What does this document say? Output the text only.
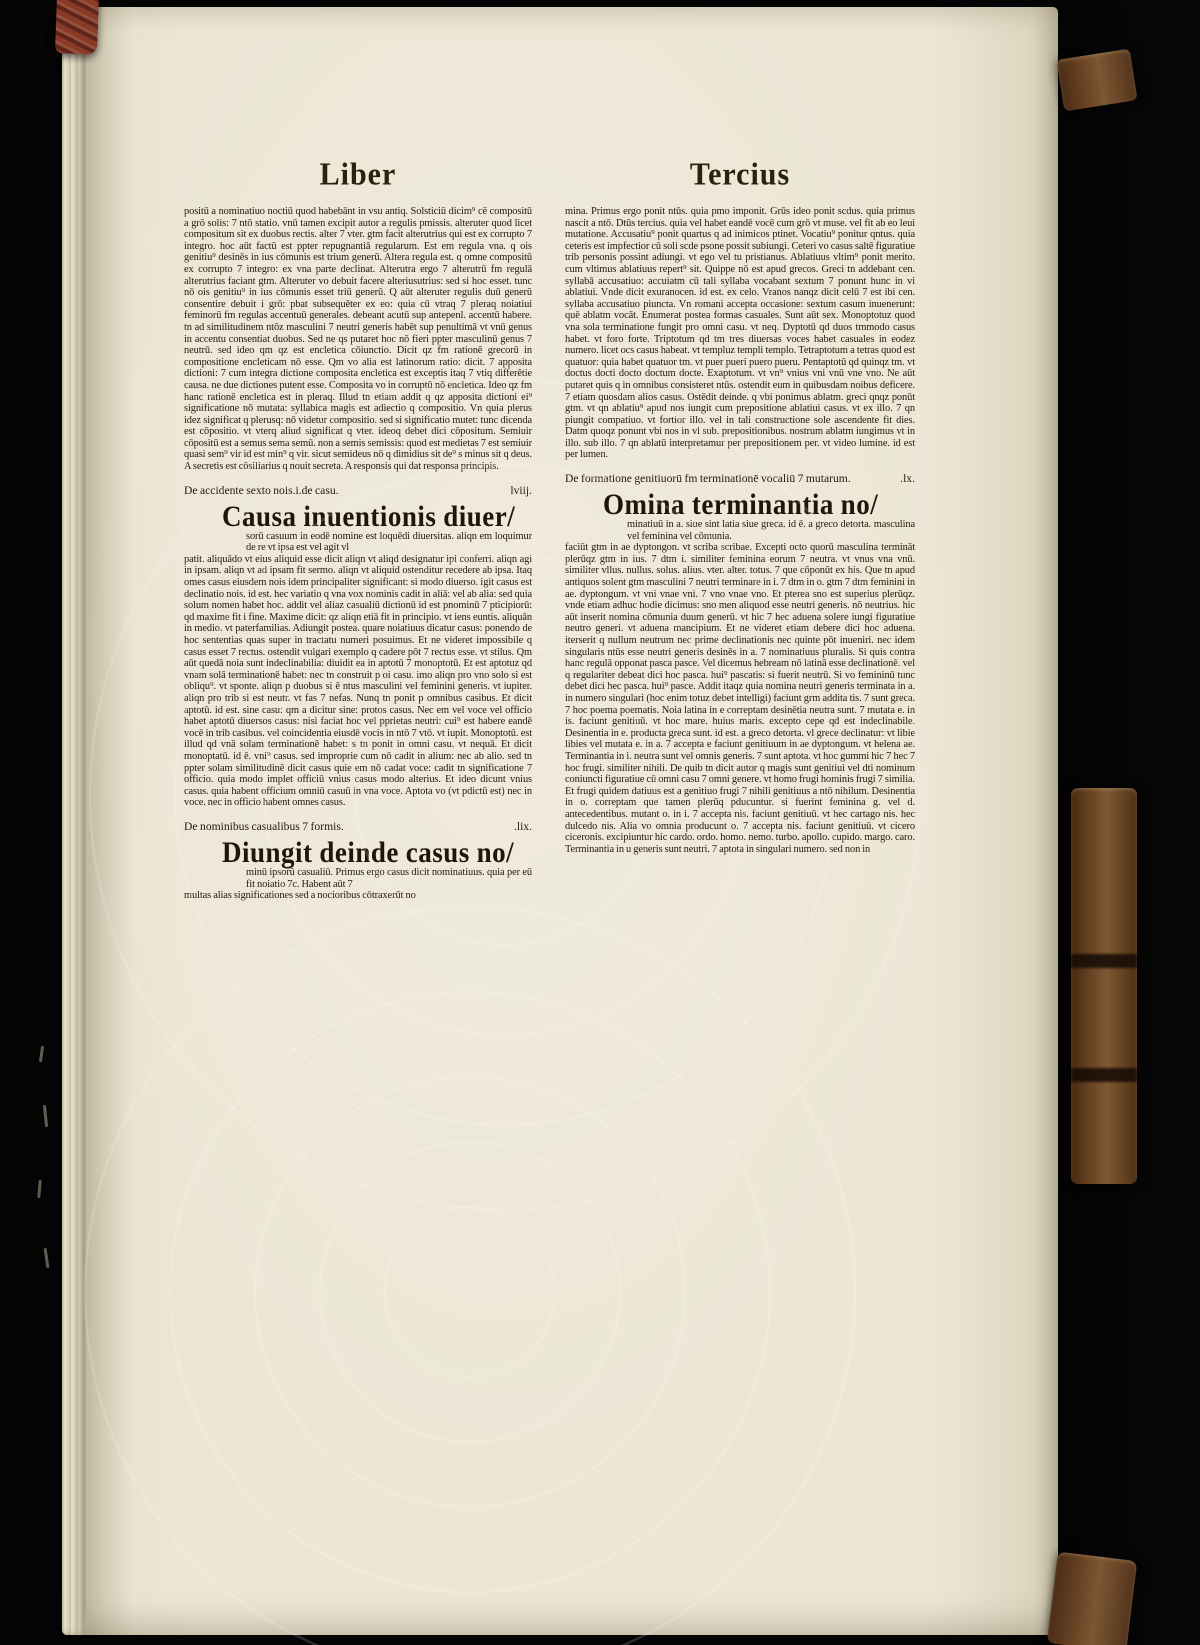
Liber	Tercius
positū a nominatiuo noctiū quod habebānt in vsu antiq. Solsticiū dicim⁹ cē compositū a grō solis: 7 ntō statio. vnū tamen excipit autor a regulis pmissis. alteruter quod licet compositum sit ex duobus rectis. alter 7 vter. gtm facit alterutrius qui est ex corrupto 7 integro. hoc aūt factū est ppter repugnantiā regularum. Est em regula vna. q ois genitiu⁹ desinēs in ius cōmunis est trium generū. Altera regula est. q omne compositū ex corrupto 7 integro: ex vna parte declinat. Alterutra ergo 7 alterutrū fm regulā alterutrius faciant gtm. Alteruter vo debuit facere alteriusutrius: sed si hoc esset. tunc nō ois genitiu⁹ in ius cōmunis esset triū generū. Q aūt alteruter regulis duū generū consentire debuit i grō: pbat subsequēter ex eo: quia cū vtraq 7 pleraq noiatiui feminorū fm regulas accentuū generales. debeant acutū sup antepenl. accentū habere. tn ad similitudinem ntōz masculini 7 neutri generis habēt sup penultimā vt vnū genus in accentu consentiat duobus. Sed ne qs putaret hoc nō fieri ppter masculinū genus 7 neutrū. sed ideo qm qz est encletica cōiunctio. Dicit qz fm rationē grecorū in compositione encleticam nō esse. Qm vo alia est latinorum ratio: dicit. 7 apposita dictioni: 7 cum integra dictione composita encletica est exceptis itaq 7 vtiq differētie causa. ne due dictiones putent esse. Composita vo in corruptū nō encletica. Ideo qz fm hanc rationē encletica est in pleraq. Illud tn etiam addit q qz apposita dictioni ei⁹ significatione nō mutata: syllabica magis est adiectio q compositio. Vn quia plerus idez significat q plerusq: nō videtur compositio. sed si significatio mutet: tunc dicenda est cōpositio. vt vterq aliud significat q vter. ideoq debet dici cōpositum. Semiuir cōpositū est a semus sema semū. non a semis semissis: quod est medietas 7 est semiuir quasi sem⁹ vir id est min⁹ q vir. sicut semideus nō q dimidius sit de⁹ s minus sit q deus. A secretis est cōsiliarius q nouit secreta. A responsis qui dat responsa principis.
lviij.
De accidente sexto nois.i.de casu.
Causa inuentionis diuer/
sorū casuum in eodē nomine est loquēdi diuersitas. aliqn em loquimur de re vt ipsa est vel agit vl
patit. aliquādo vt eius aliquid esse dicit aliqn vt aliqd designatur ipi conferri. aliqn agi in ipsam. aliqn vt ad ipsam fit sermo. aliqn vt aliquid ostenditur recedere ab ipsa. Itaq omes casus eiusdem nois idem principaliter significant: si modo diuerso. igit casus est declinatio nois. id est. hec variatio q vna vox nominis cadit in aliā: vel ab alia: sed quia solum nomen habet hoc. addit vel aliaz casualiū dictionū id est pnominū 7 pticipiorū: qd maxime fit i fine. Maxime dicit: qz aliqn etiā fit in principio. vt iens euntis. aliquān in medio. vt paterfamilias. Adiungit postea. quare noiatiuus dicatur casus: ponendo de hoc sententias quas super in tractatu numeri posuimus. Et ne videret impossibile q casus esset 7 rectus. ostendit vulgari exemplo q cadere pōt 7 rectus esse. vt stilus. Qm aūt quedā noia sunt indeclinabilia: diuidit ea in aptotū 7 monoptotū. Et est aptotuz qd vnam solā terminationē habet: nec tn construit p oi casu. imo aliqn pro vno solo si est obliqu⁹. vt sponte. aliqn p duobus si ē ntus masculini vel feminini generis. vt iupiter. aliqn pro trib si est neutr. vt fas 7 nefas. Nunq tn ponit p omnibus casibus. Et dicit aptotū. id est. sine casu: qm a dicitur sine: protos casus. Nec em vel voce vel officio habet aptotū diuersos casus: nisi faciat hoc vel pprietas neutri: cui⁹ est habere eandē vocē in trib casibus. vel coincidentia eiusdē vocis in ntō 7 vtō. vt iupit. Monoptotū. est illud qd vnā solam terminationē habet: s tn ponit in omni casu. vt nequā. Et dicit monoptatū. id ē. vni⁹ casus. sed improprie cum nō cadit in alium: nec ab alio. sed tn ppter solam similitudinē dicit casus quie em nō cadat voce: cadit tn significatione 7 officio. quia modo implet officiū vnius casus modo alterius. Et ideo dicunt vnius casus. quia habent officium omniū casuū in vna voce. Aptota vo (vt pdictū est) nec in voce. nec in officio habent omnes casus.
.lix.
De nominibus casualibus 7 formis.
Diungit deinde casus no/
minū ipsorū casualiū. Primus ergo casus dicit nominatiuus. quia per eū fit noiatio 7c. Habent aūt 7
multas alias significationes sed a nocioribus cōtraxerūt no
mina. Primus ergo ponit ntūs. quia pmo imponit. Grūs ideo ponit scdus. quia primus nascit a ntō. Dtūs tercius. quia vel habet eandē vocē cum grō vt muse. vel fit ab eo leui mutatione. Accusatiu⁹ ponit quartus q ad inimicos ptinet. Vocatiu⁹ ponitur qntus. quia ceteris est impfectior cū soli scde psone possit subiungi. Ceteri vo casus saltē figuratiue trib personis possint adiungi. vt ego vel tu pristianus. Ablatiuus vltim⁹ ponit merito. cum vltimus ablatiuus repert⁹ sit. Quippe nō est apud grecos. Greci tn addebant cen. syllabā accusatiuo: accuiatm cū tali syllaba vocabant sextum 7 ponunt hunc in vi ablatiui. Vnde dicit exuranocen. id est. ex celo. Vranos nanqz dicit celū 7 est ibi cen. syllaba accusatiuo piuncta. Vn romani accepta occasione: sextum casum inuenerunt: quē ablatm vocāt. Enumerat postea formas casuales. Sunt aūt sex. Monoptotuz quod vna sola terminatione fungit pro omni casu. vt neq. Dyptotū qd duos tmmodo casus habet. vt foro forte. Triptotum qd tm tres diuersas voces habet casuales in eodez numero. licet ocs casus habeat. vt templuz templi templo. Tetraptotum a tetras quod est quatuor: quia habet quatuor tm. vt puer pueri puero pueru. Pentaptotū qd quinqz tm. vt doctus docti docto doctum docte. Exaptotum. vt vn⁹ vnius vni vnū vne vno. Ne aūt putaret quis q in omnibus consisteret ntūs. ostendit eum in quibusdam noibus deficere. 7 etiam quosdam alios casus. Ostēdit deinde. q vbi ponimus ablatm. greci qnqz ponūt gtm. vt qn ablatiu⁹ apud nos iungit cum prepositione ablatiui casus. vt ex illo. 7 qn piungit compatiuo. vt fortior illo. vel in tali constructione sole ascendente fit dies. Datm quoqz ponunt vbi nos in vl sub. prepositionibus. nostrum ablatm iungimus vt in illo. sub illo. 7 qn ablatū interpretamur per prepositionem per. vt video lumine. id est per lumen.
.lx.
De formatione genitiuorū fm terminationē vocaliū 7 mutarum.
Omina terminantia no/
minatiuū in a. siue sint latia siue greca. id ē. a greco detorta. masculina vel feminina vel cōmunia.
faciūt gtm in ae dyptongon. vt scriba scribae. Excepti octo quorū masculina termināt plerūqz gtm in ius. 7 dtm i. similiter feminina eorum 7 neutra. vt vnus vna vnū. similiter vllus. nullus. solus. alius. vter. alter. totus. 7 que cōponūt ex his. Que tn apud antiquos solent gtm masculini 7 neutri terminare in i. 7 dtm in o. gtm 7 dtm feminini in ae. dyptongum. vt vni vnae vni. 7 vno vnae vno. Et pterea sno est superius plerūqz. vnde etiam adhuc hodie dicimus: sno men aliquod esse neutri generis. nō neutrius. hic aūt inserit nomina cōmunia duum generū. vt hic 7 hec aduena solere iungi figuratiue neutro generi. vt aduena mancipium. Et ne videret etiam debere dici hoc aduena. iterserit q nullum neutrum nec prime declinationis nec quinte pōt inueniri. nec idem singularis ntūs esse neutri generis desinēs in a. 7 nominatiuus pluralis. Si quis contra hanc regulā opponat pasca pasce. Vel dicemus hebream nō latinā esse declinationē. vel q regulariter debeat dici hoc pasca. hui⁹ pascatis: si fuerit neutrū. Si vo femininū tunc debet dici hec pasca. hui⁹ pasce. Addit itaqz quia nomina neutri generis terminata in a. in numero singulari (hoc enim totuz debet intelligi) faciunt grm addita tis. 7 sunt greca. 7 hoc poema poematis. Noia latina in e correptam desinētia neutra sunt. 7 mutata e. in is. faciunt genitiuū. vt hoc mare. huius maris. excepto cepe qd est indeclinabile. Desinentia in e. producta greca sunt. id est. a greco detorta. vl grece declinatur: vt libie libies vel mutata e. in a. 7 accepta e faciunt genitiuum in ae dyptongum. vt helena ae. Terminantia in i. neutra sunt vel omnis generis. 7 sunt aptota. vt hoc gummi hic 7 hec 7 hoc frugi. similiter nihili. De quib tn dicit autor q magis sunt genitiui vel dti nominum coniuncti figuratiue cū omni casu 7 omni genere. vt homo frugi hominis frugi 7 similia. Et frugi quidem datiuus est a genitiuo frugi 7 nihili genitiuus a ntō nihilum. Desinentia in o. correptam que tamen plerūq pducuntur. si fuerint feminina g. vel d. antecedentibus. mutant o. in i. 7 accepta nis. faciunt genitiuū. vt hec cartago nis. hec dulcedo nis. Alia vo omnia producunt o. 7 accepta nis. faciunt genitiuū. vt cicero ciceronis. excipiuntur hic cardo. ordo. homo. nemo. turbo. apollo. cupido. margo. caro. Terminantia in u generis sunt neutri. 7 aptota in singulari numero. sed non in
